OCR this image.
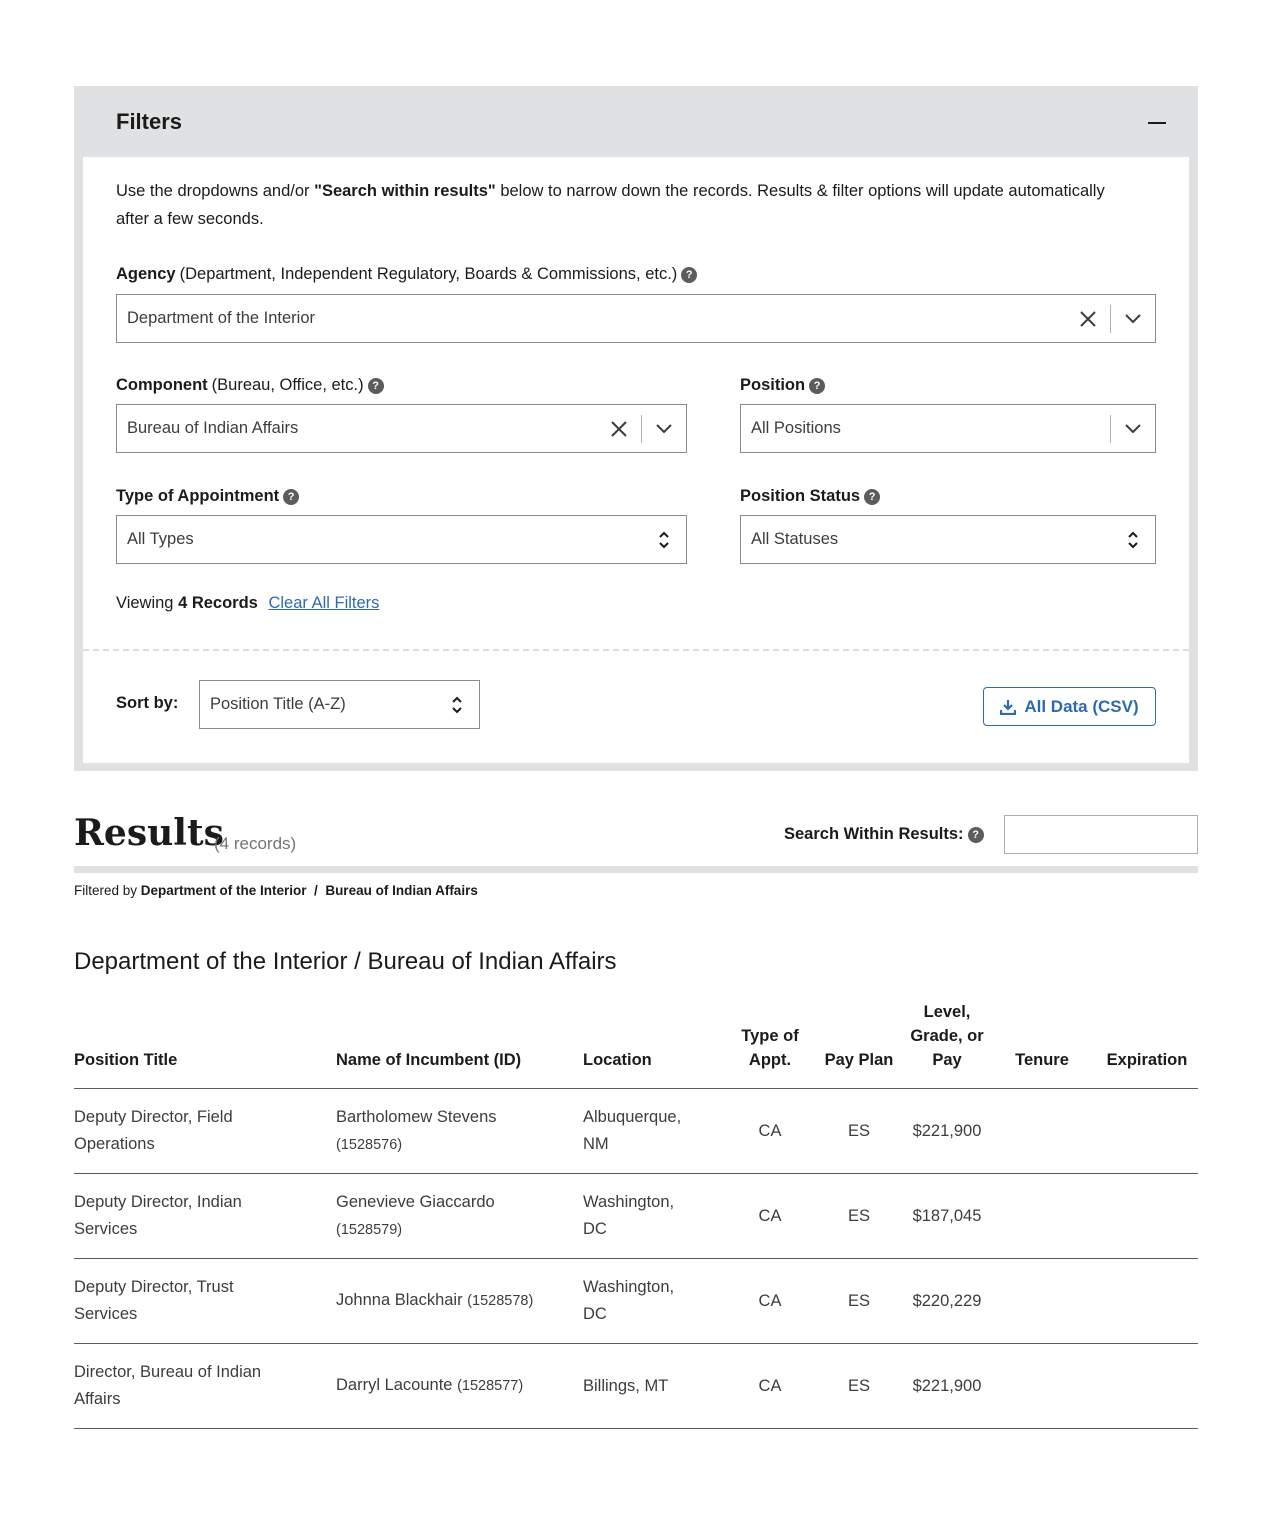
Filters

Use the dropdowns and/or "Search within results" below to narrow down the records. Results & filter options will update automatically after a few seconds.

Agency (Department, Independent Regulatory, Boards & Commissions, etc.) ?
Department of the Interior
Component (Bureau, Office, etc.) ?
Bureau of Indian Affairs
Position ?
All Positions
Type of Appointment ?
All Types
Position Status ?
All Statuses
Viewing 4 Records Clear All Filters
Sort by:	Position Title (A-Z)	All Data (CSV)
Results
(4 records)	Search Within Results: ?
Filtered by Department of the Interior  /  Bureau of Indian Affairs
Department of the Interior / Bureau of Indian Affairs
Position Title	Name of Incumbent (ID)	Location	Type of Appt.	Pay Plan	Level, Grade, or Pay	Tenure	Expiration
Deputy Director, Field Operations	Bartholomew Stevens (1528576)	Albuquerque, NM	CA	ES	$221,900		
Deputy Director, Indian Services	Genevieve Giaccardo (1528579)	Washington, DC	CA	ES	$187,045		
Deputy Director, Trust Services	Johnna Blackhair (1528578)	Washington, DC	CA	ES	$220,229		
Director, Bureau of Indian Affairs	Darryl Lacounte (1528577)	Billings, MT	CA	ES	$221,900		
